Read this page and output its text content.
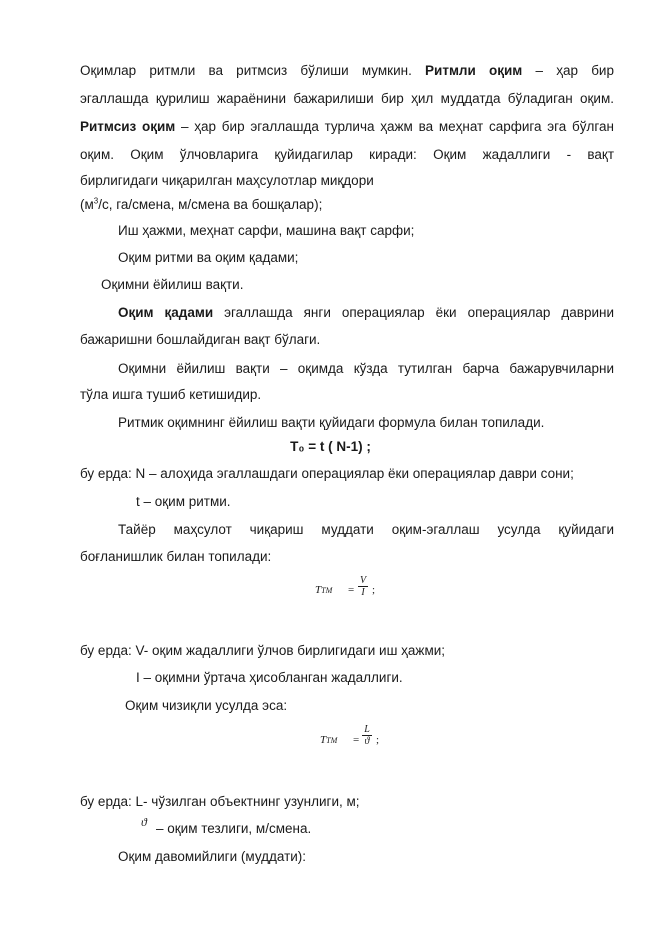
Оқимлар ритмли ва ритмсиз бўлиши мумкин. Ритмли оқим – ҳар бир
эгаллашда қурилиш жараёнини бажарилиши бир ҳил муддатда бўладиган оқим.
Ритмсиз оқим – ҳар бир эгаллашда турлича ҳажм ва меҳнат сарфига эга бўлган
оқим. Оқим ўлчовларига қуйидагилар киради: Оқим жадаллиги - вақт
бирлигидаги чиқарилган маҳсулотлар миқдори
($м^3/с$, га/смена, м/смена ва бошқалар);
Иш ҳажми, меҳнат сарфи, машина вақт сарфи;
Оқим ритми ва оқим қадами;
Оқимни ёйилиш вақти.
Оқим қадами эгаллашда янги операциялар ёки операциялар даврини
бажаришни бошлайдиган вақт бўлаги.
Оқимни ёйилиш вақти – оқимда кўзда тутилган барча бажарувчиларни
тўла ишга тушиб кетишидир.
Ритмик оқимнинг ёйилиш вақти қуйидаги формула билан топилади.
T₀ = t ( N-1) ;
бу ерда: N – алоҳида эгаллашдаги операциялар ёки операциялар даври сони;
t – оқим ритми.
Тайёр маҳсулот чиқариш муддати оқим-эгаллаш усулда қуйидаги
боғланишлик билан топилади:
TТМ =
V
I ;
бу ерда: V- оқим жадаллиги ўлчов бирлигидаги иш ҳажми;
I – оқимни ўртача ҳисобланган жадаллиги.
Оқим чизиқли усулда эса:
TТМ =
L
ϑ ;
бу ерда: L- чўзилган объектнинг узунлиги, м;
ϑ – оқим тезлиги, м/смена.
Оқим давомийлиги (муддати):
